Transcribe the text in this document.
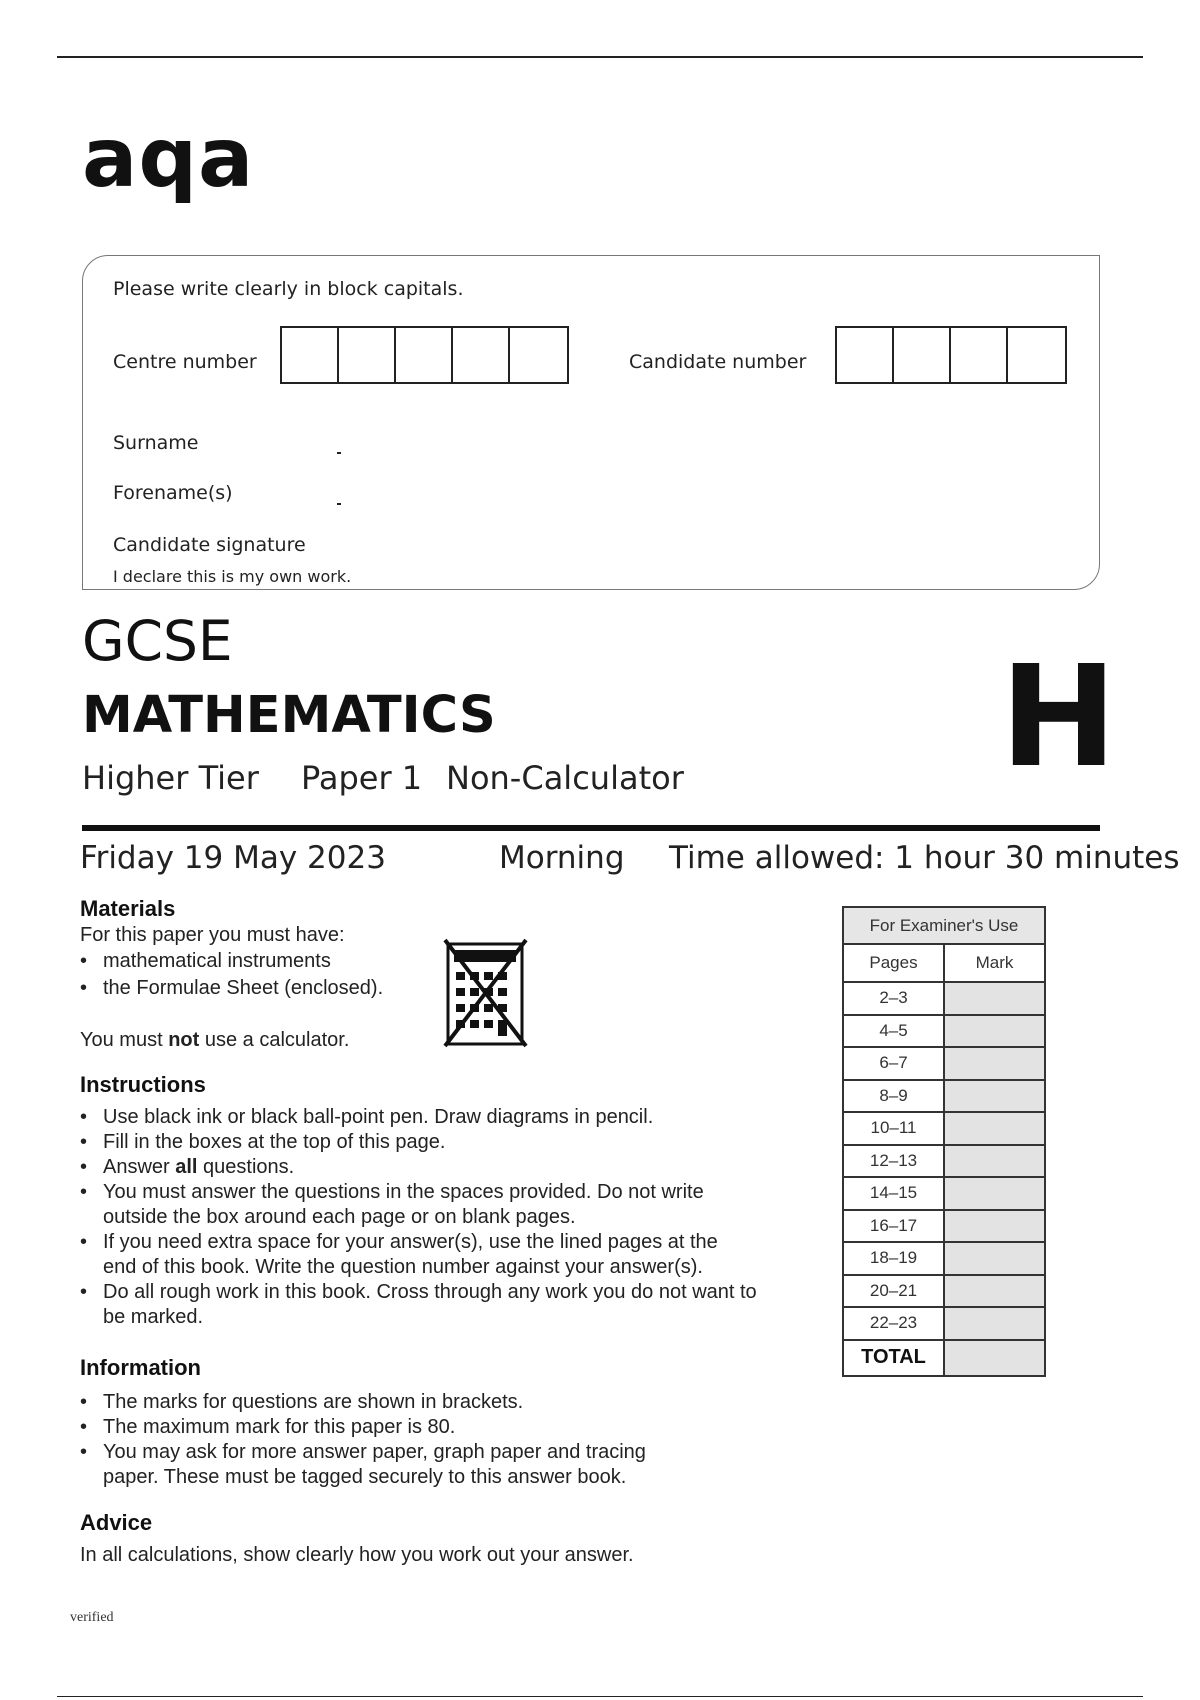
aqa
Please write clearly in block capitals.
Centre number	Candidate number
Surname
Forename(s)
Candidate signature
I declare this is my own work.
GCSE
MATHEMATICS	H
Higher Tier Paper 1 Non-Calculator
Friday 19 May 2023	Morning Time allowed: 1 hour 30 minutes
Materials
For this paper you must have:
• mathematical instruments
• the Formulae Sheet (enclosed).
You must not use a calculator.
Instructions
• Use black ink or black ball-point pen. Draw diagrams in pencil.
• Fill in the boxes at the top of this page.
• Answer all questions.
• You must answer the questions in the spaces provided. Do not write
outside the box around each page or on blank pages.
• If you need extra space for your answer(s), use the lined pages at the
end of this book. Write the question number against your answer(s).
• Do all rough work in this book. Cross through any work you do not want to
be marked.
Information
• The marks for questions are shown in brackets.
• The maximum mark for this paper is 80.
• You may ask for more answer paper, graph paper and tracing
paper. These must be tagged securely to this answer book.
Advice
In all calculations, show clearly how you work out your answer.
For Examiner's Use	
Pages	Mark
2–3	
4–5	
6–7	
8–9	
10–11	
12–13	
14–15	
16–17	
18–19	
20–21	
22–23	
TOTAL	
verified
